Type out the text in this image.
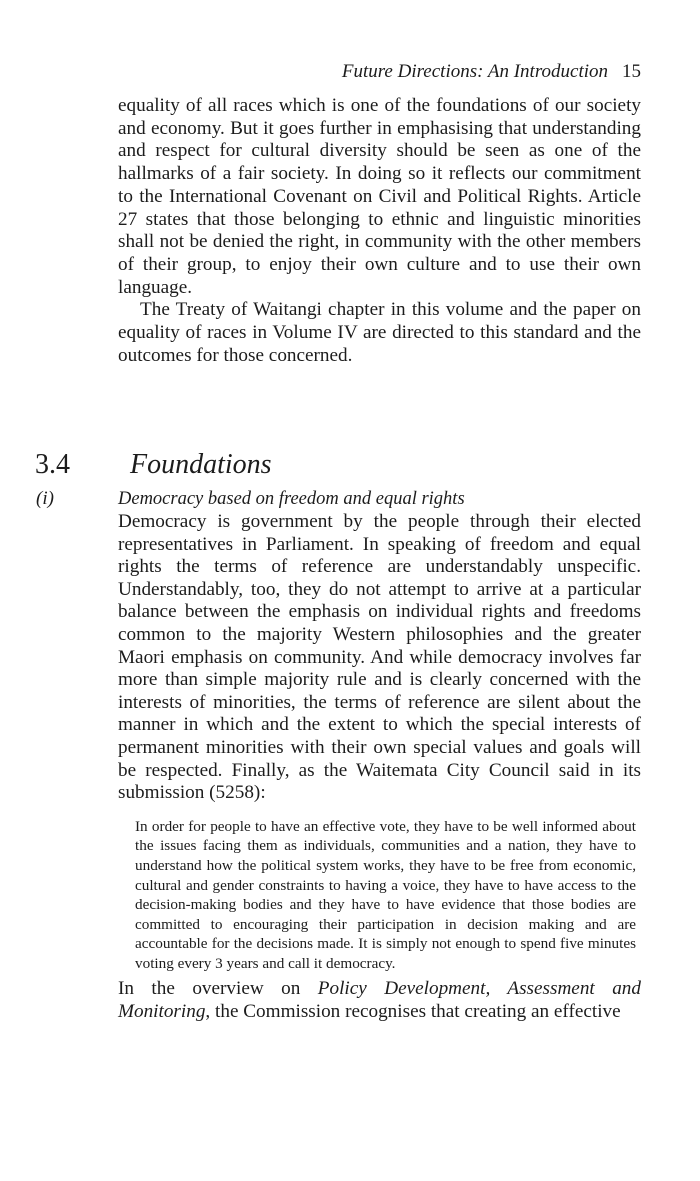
Future Directions: An Introduction 15

equality of all races which is one of the foundations of our society and economy. But it goes further in emphasising that understanding and respect for cultural diversity should be seen as one of the hallmarks of a fair society. In doing so it reflects our commitment to the International Covenant on Civil and Political Rights. Article 27 states that those belonging to ethnic and linguistic minorities shall not be denied the right, in community with the other members of their group, to enjoy their own culture and to use their own language.

The Treaty of Waitangi chapter in this volume and the paper on equality of races in Volume IV are directed to this standard and the outcomes for those concerned.

3.4 Foundations
(i)	Democracy based on freedom and equal rights

Democracy is government by the people through their elected representatives in Parliament. In speaking of freedom and equal rights the terms of reference are understandably unspecific. Understandably, too, they do not attempt to arrive at a particular balance between the emphasis on individual rights and freedoms common to the majority Western philosophies and the greater Maori emphasis on community. And while democracy involves far more than simple majority rule and is clearly concerned with the interests of minorities, the terms of reference are silent about the manner in which and the extent to which the special interests of permanent minorities with their own special values and goals will be respected. Finally, as the Waitemata City Council said in its submission (5258):

In order for people to have an effective vote, they have to be well informed about the issues facing them as individuals, communities and a nation, they have to understand how the political system works, they have to be free from economic, cultural and gender constraints to having a voice, they have to have access to the decision-making bodies and they have to have evidence that those bodies are committed to encouraging their participation in decision making and are accountable for the decisions made. It is simply not enough to spend five minutes voting every 3 years and call it democracy.
In the overview on Policy Development, Assessment and Monitoring, the Commission recognises that creating an effective
